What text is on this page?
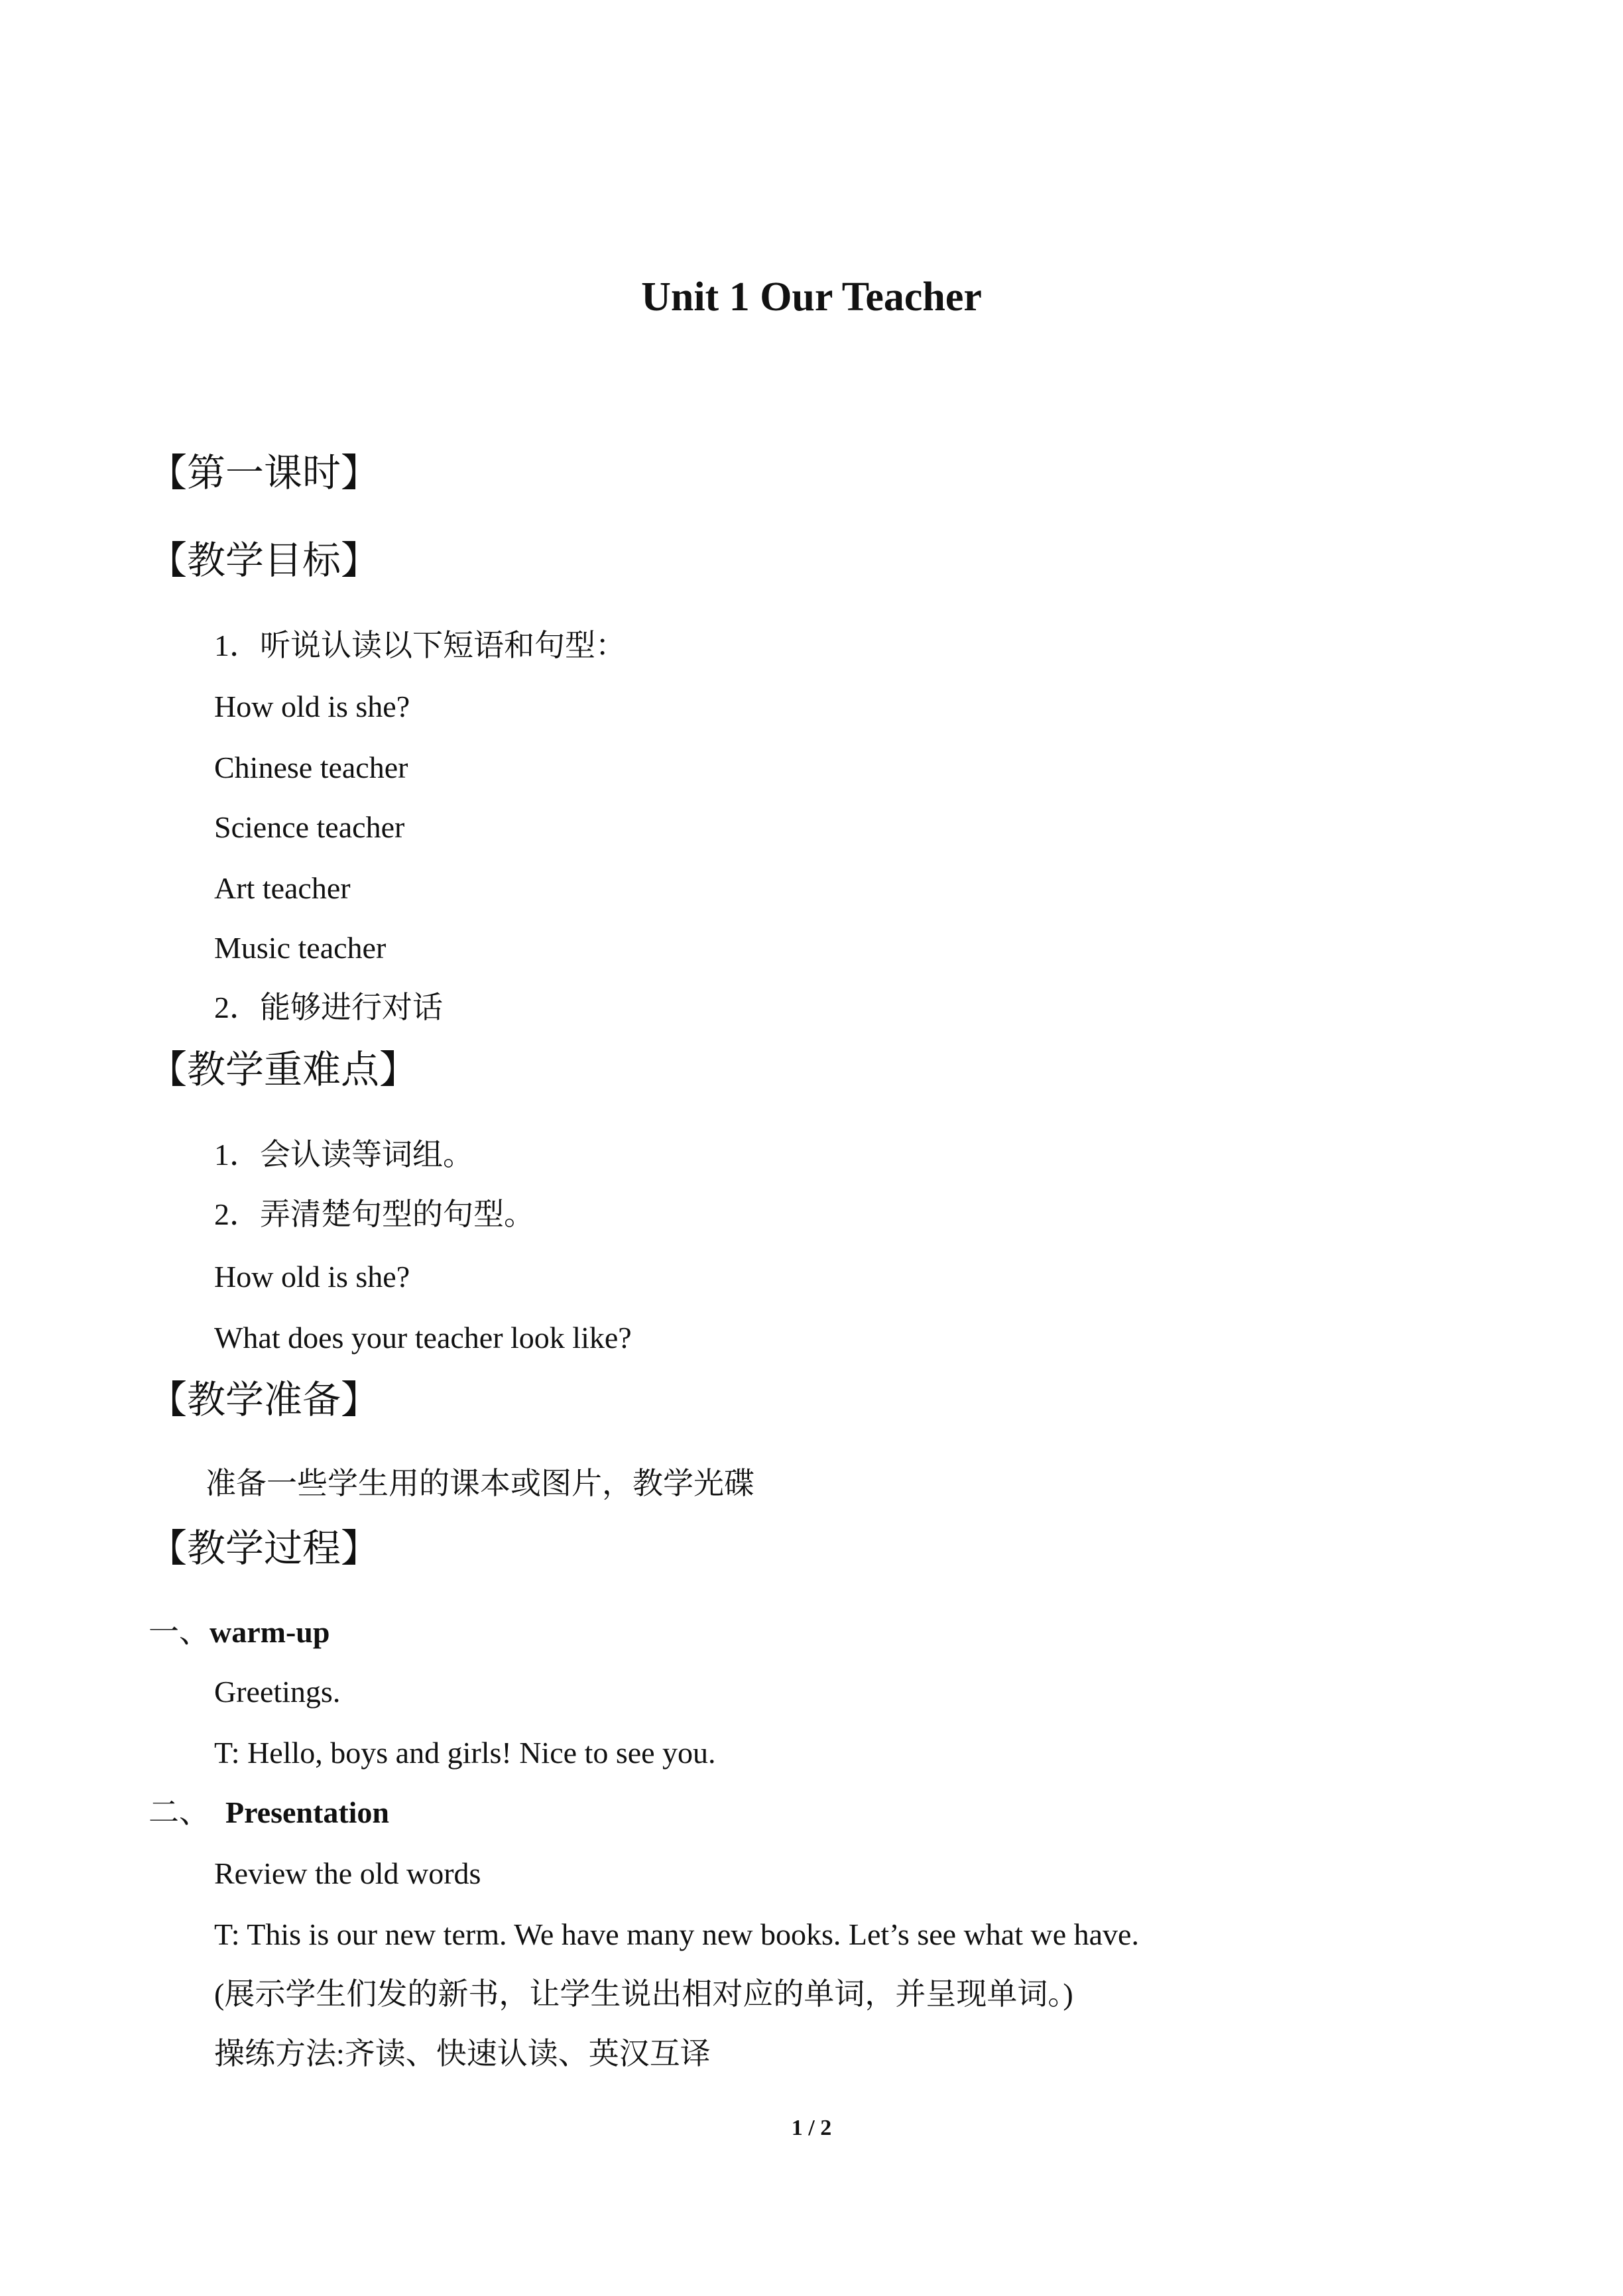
Unit 1 Our Teacher
【第一课时】
【教学目标】
1．听说认读以下短语和句型：
How old is she?
Chinese teacher
Science teacher
Art teacher
Music teacher
2．能够进行对话
【教学重难点】
1．会认读等词组。
2．弄清楚句型的句型。
How old is she?
What does your teacher look like?
【教学准备】
准备一些学生用的课本或图片，教学光碟
【教学过程】
一、warm-up
Greetings.
T: Hello, boys and girls! Nice to see you.
二、 Presentation
Review the old words
T: This is our new term. We have many new books. Let’s see what we have.
(展示学生们发的新书，让学生说出相对应的单词，并呈现单词。)
操练方法:齐读、快速认读、英汉互译
1 / 2
